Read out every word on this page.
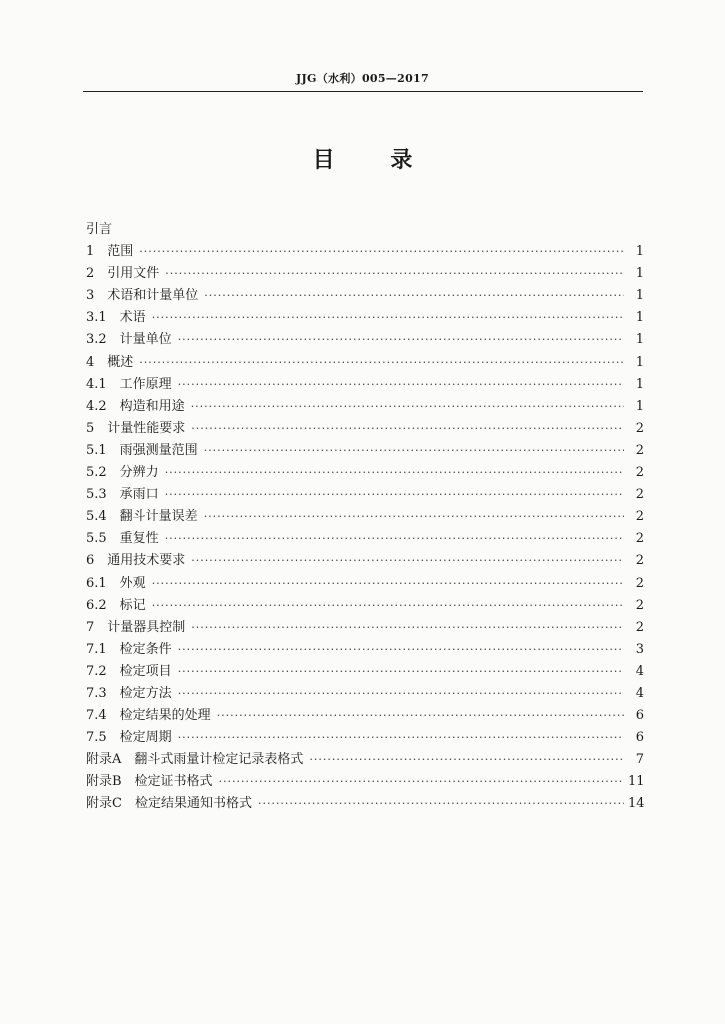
JJG（水利）005—2017
目 录
引言
1　范围 ·····	1
2　引用文件 ·····	1
3　术语和计量单位 ·····	1
3.1　术语 ·····	1
3.2　计量单位 ·····	1
4　概述 ·····	1
4.1　工作原理 ·····	1
4.2　构造和用途 ·····	1
5　计量性能要求 ·····	2
5.1　雨强测量范围 ·····	2
5.2　分辨力 ·····	2
5.3　承雨口 ·····	2
5.4　翻斗计量误差 ·····	2
5.5　重复性 ·····	2
6　通用技术要求 ·····	2
6.1　外观 ·····	2
6.2　标记 ·····	2
7　计量器具控制 ·····	2
7.1　检定条件 ·····	3
7.2　检定项目 ·····	4
7.3　检定方法 ·····	4
7.4　检定结果的处理 ·····	6
7.5　检定周期 ·····	6
附录A　翻斗式雨量计检定记录表格式 ·····	7
附录B　检定证书格式 ·····	11
附录C　检定结果通知书格式 ·····	14
